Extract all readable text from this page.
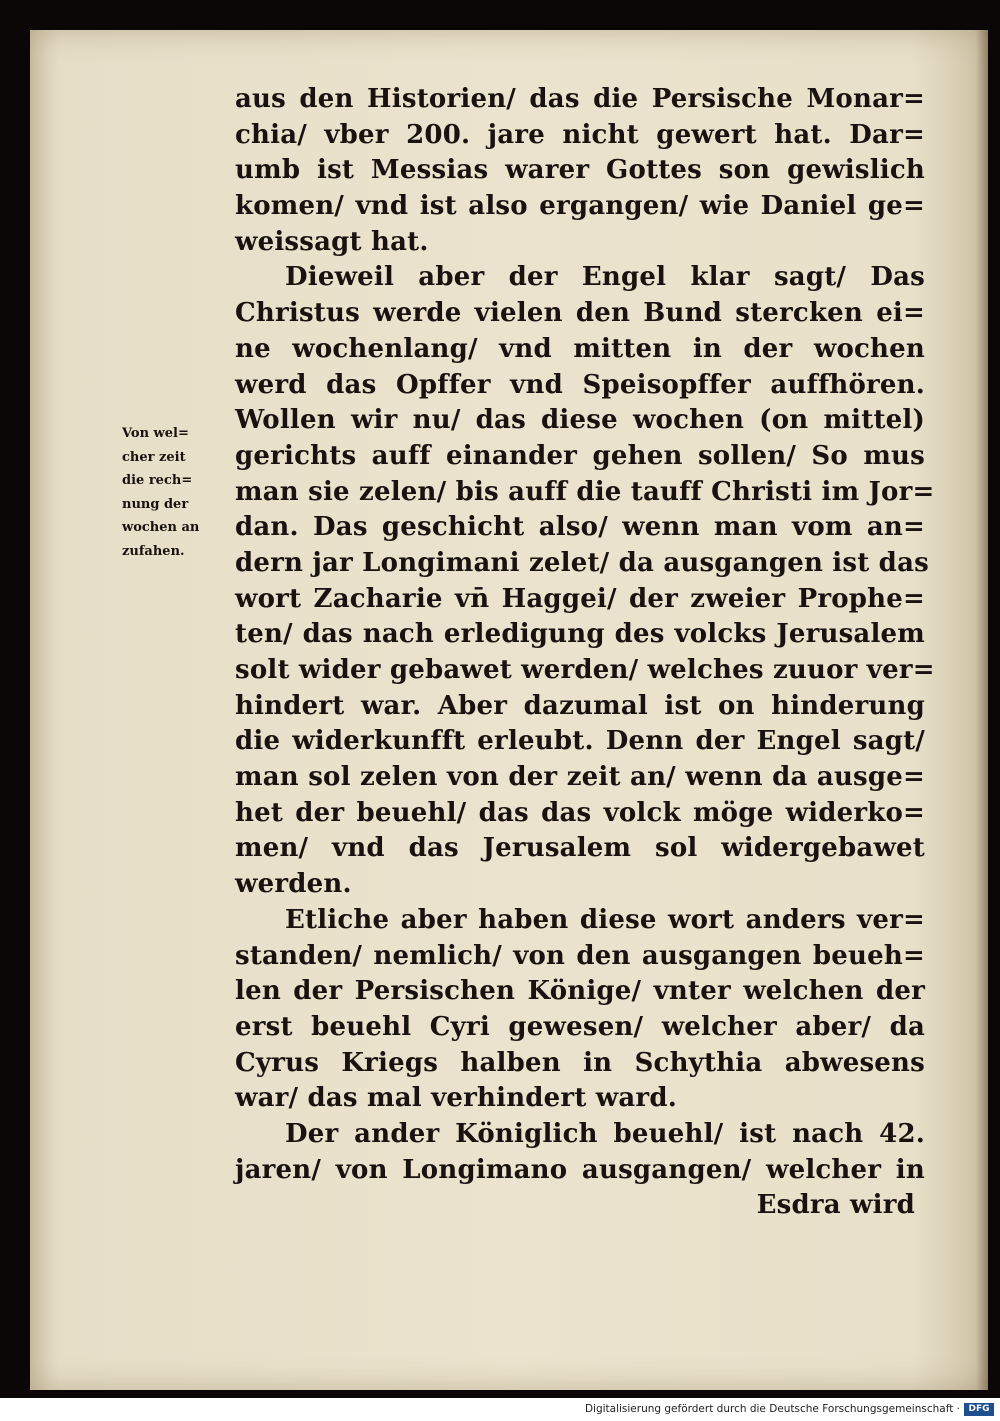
aus den Historien/ das die Persische Monar=
chia/ vber 200. jare nicht gewert hat. Dar=
umb ist Messias warer Gottes son gewislich
komen/ vnd ist also ergangen/ wie Daniel ge=
weissagt hat.
Dieweil aber der Engel klar sagt/ Das
Christus werde vielen den Bund stercken ei=
ne wochenlang/ vnd mitten in der wochen
werd das Opffer vnd Speisopffer auffhören.
Wollen wir nu/ das diese wochen (on mittel)
gerichts auff einander gehen sollen/ So mus
man sie zelen/ bis auff die tauff Christi im Jor=
dan. Das geschicht also/ wenn man vom an=
dern jar Longimani zelet/ da ausgangen ist das
wort Zacharie vn̄ Haggei/ der zweier Prophe=
ten/ das nach erledigung des volcks Jerusalem
solt wider gebawet werden/ welches zuuor ver=
hindert war. Aber dazumal ist on hinderung
die widerkunfft erleubt. Denn der Engel sagt/
man sol zelen von der zeit an/ wenn da ausge=
het der beuehl/ das das volck möge widerko=
men/ vnd das Jerusalem sol widergebawet
werden.
Etliche aber haben diese wort anders ver=
standen/ nemlich/ von den ausgangen beueh=
len der Persischen Könige/ vnter welchen der
erst beuehl Cyri gewesen/ welcher aber/ da
Cyrus Kriegs halben in Schythia abwesens
war/ das mal verhindert ward.
Der ander Königlich beuehl/ ist nach 42.
jaren/ von Longimano ausgangen/ welcher in
Esdra wird
Von wel=
cher zeit
die rech=
nung der
wochen an
zufahen.
Digitalisierung gefördert durch die Deutsche Forschungsgemeinschaft · DFG
